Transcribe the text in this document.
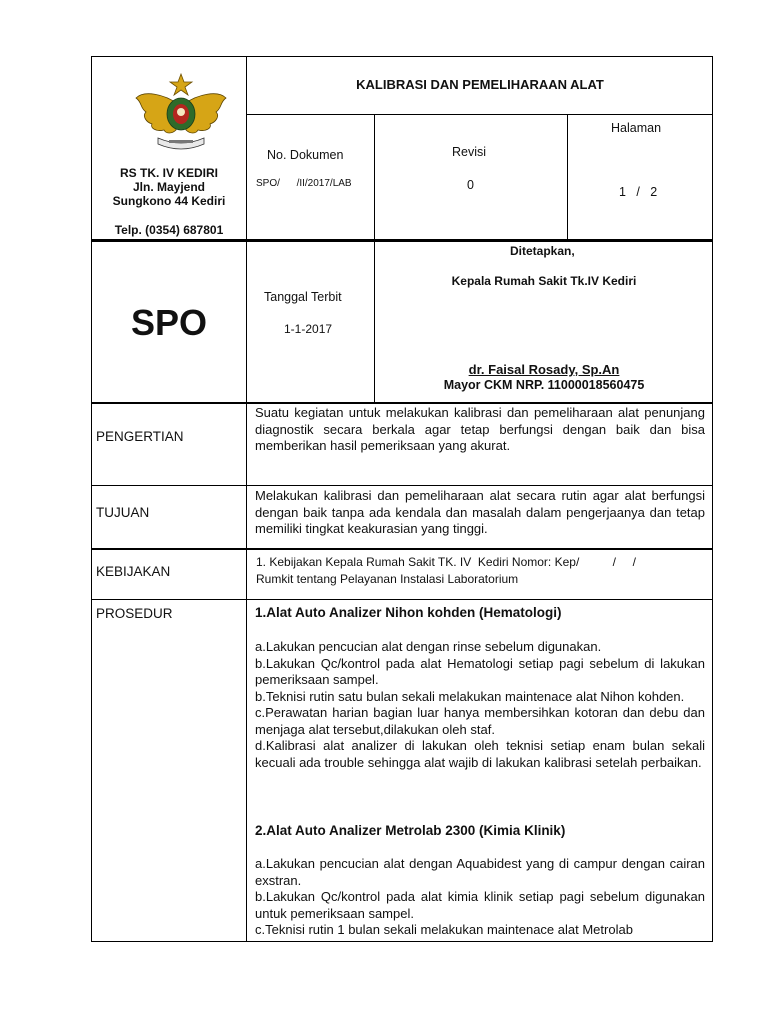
RS TK. IV KEDIRI
Jln. Mayjend
Sungkono 44 Kediri
Telp. (0354) 687801
KALIBRASI DAN PEMELIHARAAN ALAT
No. Dokumen
SPO/      /II/2017/LAB
Revisi
0
Halaman
1   /   2
SPO
Tanggal Terbit
1-1-2017
Ditetapkan,
Kepala Rumah Sakit Tk.IV Kediri
dr. Faisal Rosady, Sp.An
Mayor CKM NRP. 11000018560475
PENGERTIAN
Suatu kegiatan untuk melakukan kalibrasi dan pemeliharaan alat penunjang diagnostik secara berkala agar tetap berfungsi dengan baik dan bisa memberikan hasil pemeriksaan yang akurat.
TUJUAN
Melakukan kalibrasi dan pemeliharaan alat secara rutin agar alat berfungsi dengan baik tanpa ada kendala dan masalah dalam pengerjaanya dan tetap memiliki tingkat keakurasian yang tinggi.
KEBIJAKAN
1. Kebijakan Kepala Rumah Sakit TK. IV  Kediri Nomor: Kep/          /     /
Rumkit tentang Pelayanan Instalasi Laboratorium
PROSEDUR	1.Alat Auto Analizer Nihon kohden (Hematologi)

a.Lakukan pencucian alat dengan rinse sebelum digunakan.

b.Lakukan Qc/kontrol pada alat Hematologi setiap pagi sebelum di lakukan pemeriksaan sampel.

b.Teknisi rutin satu bulan sekali melakukan maintenace alat Nihon kohden.

c.Perawatan harian bagian luar hanya membersihkan kotoran dan debu dan menjaga alat tersebut,dilakukan oleh staf.

d.Kalibrasi alat analizer di lakukan oleh teknisi setiap enam bulan sekali kecuali ada trouble sehingga alat wajib di lakukan kalibrasi setelah perbaikan.

2.Alat Auto Analizer Metrolab 2300 (Kimia Klinik)

a.Lakukan pencucian alat dengan Aquabidest yang di campur dengan cairan exstran.

b.Lakukan Qc/kontrol pada alat kimia klinik setiap pagi sebelum digunakan untuk pemeriksaan sampel.

c.Teknisi rutin 1 bulan sekali melakukan maintenace alat Metrolab
